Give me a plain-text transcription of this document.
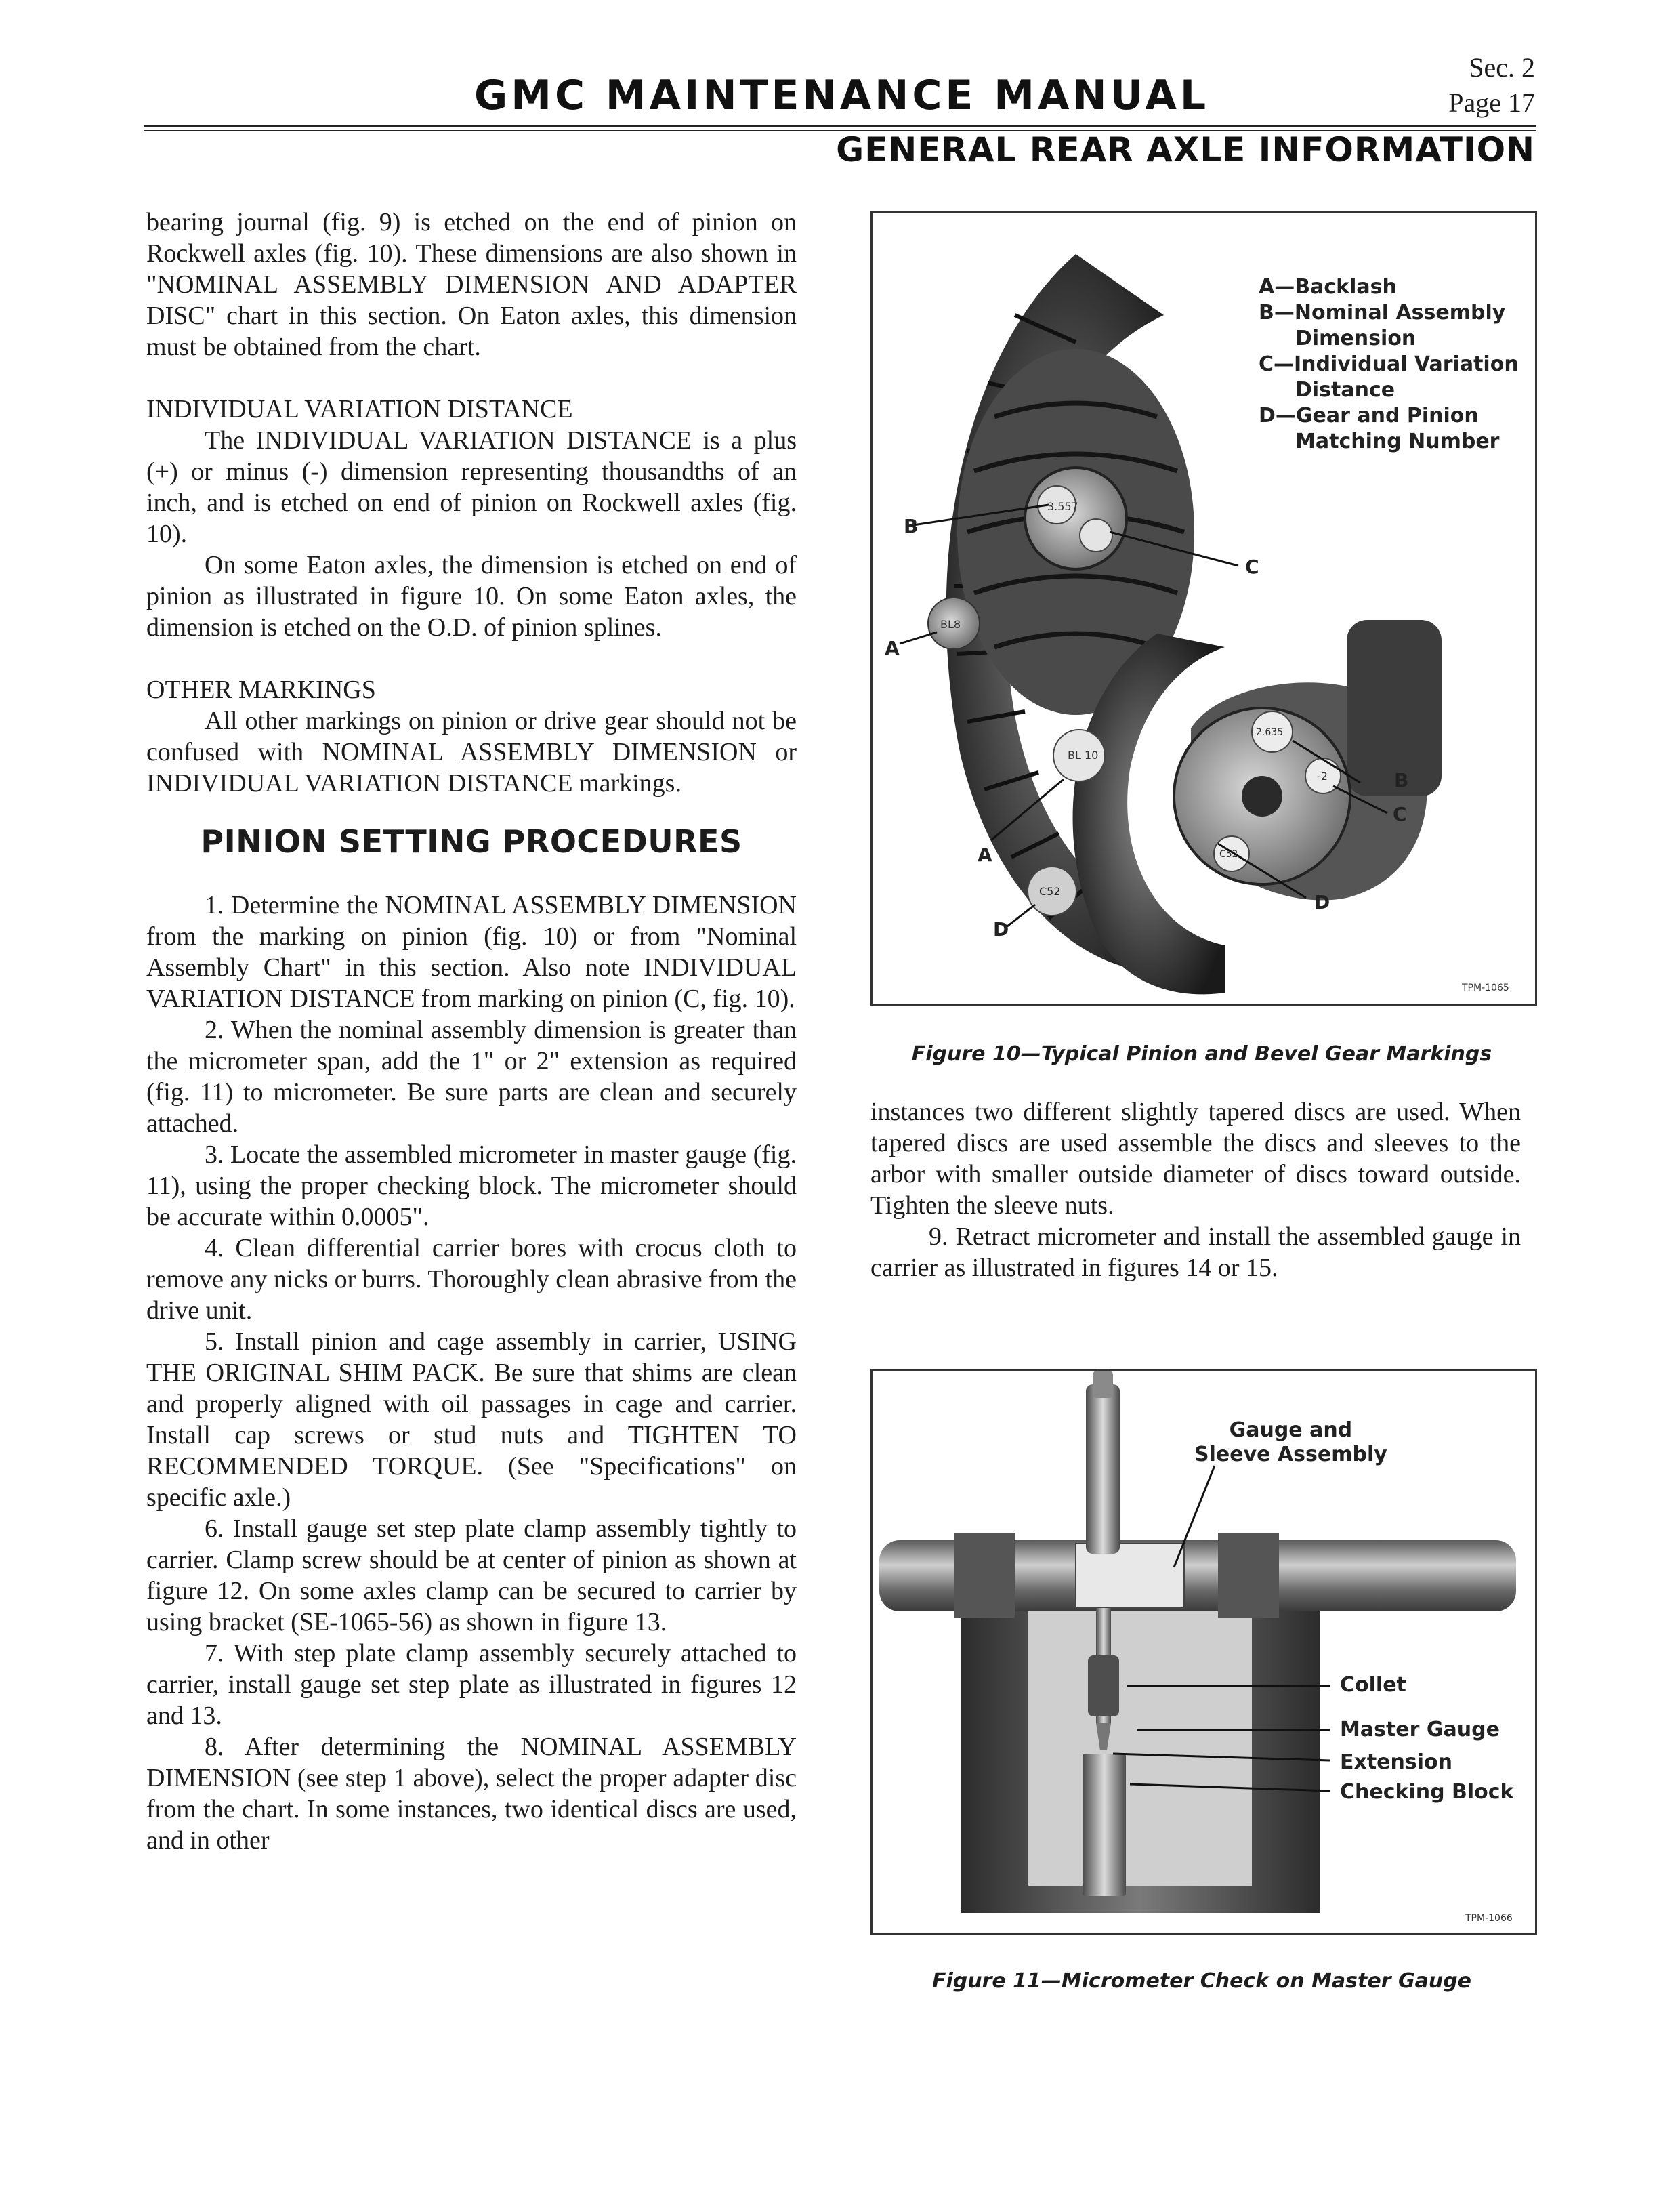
GMC MAINTENANCE MANUAL
Sec. 2
Page 17
GENERAL REAR AXLE INFORMATION

bearing journal (fig. 9) is etched on the end of pinion on Rockwell axles (fig. 10). These dimensions are also shown in "NOMINAL ASSEMBLY DIMENSION AND ADAPTER DISC" chart in this section. On Eaton axles, this dimension must be obtained from the chart.

INDIVIDUAL VARIATION DISTANCE

The INDIVIDUAL VARIATION DISTANCE is a plus (+) or minus (-) dimension representing thousandths of an inch, and is etched on end of pinion on Rockwell axles (fig. 10).

On some Eaton axles, the dimension is etched on end of pinion as illustrated in figure 10. On some Eaton axles, the dimension is etched on the O.D. of pinion splines.

OTHER MARKINGS

All other markings on pinion or drive gear should not be confused with NOMINAL ASSEMBLY DIMENSION or INDIVIDUAL VARIATION DISTANCE markings.

PINION SETTING PROCEDURES

1. Determine the NOMINAL ASSEMBLY DIMENSION from the marking on pinion (fig. 10) or from "Nominal Assembly Chart" in this section. Also note INDIVIDUAL VARIATION DISTANCE from marking on pinion (C, fig. 10).

2. When the nominal assembly dimension is greater than the micrometer span, add the 1" or 2" extension as required (fig. 11) to micrometer. Be sure parts are clean and securely attached.

3. Locate the assembled micrometer in master gauge (fig. 11), using the proper checking block. The micrometer should be accurate within 0.0005".

4. Clean differential carrier bores with crocus cloth to remove any nicks or burrs. Thoroughly clean abrasive from the drive unit.

5. Install pinion and cage assembly in carrier, USING THE ORIGINAL SHIM PACK. Be sure that shims are clean and properly aligned with oil passages in cage and carrier. Install cap screws or stud nuts and TIGHTEN TO RECOMMENDED TORQUE. (See "Specifications" on specific axle.)

6. Install gauge set step plate clamp assembly tightly to carrier. Clamp screw should be at center of pinion as shown at figure 12. On some axles clamp can be secured to carrier by using bracket (SE-1065-56) as shown in figure 13.

7. With step plate clamp assembly securely attached to carrier, install gauge set step plate as illustrated in figures 12 and 13.

8. After determining the NOMINAL ASSEMBLY DIMENSION (see step 1 above), select the proper adapter disc from the chart. In some instances, two identical discs are used, and in other

3.557
BL8
2.635
-2
C52
BL 10
C52
A—Backlash
B—Nominal Assembly
Dimension
C—Individual Variation
Distance
D—Gear and Pinion
Matching Number
B
C
A
A
B
C
D
D
TPM-1065
Figure 10—Typical Pinion and Bevel Gear Markings

instances two different slightly tapered discs are used. When tapered discs are used assemble the discs and sleeves to the arbor with smaller outside diameter of discs toward outside. Tighten the sleeve nuts.

9. Retract micrometer and install the assembled gauge in carrier as illustrated in figures 14 or 15.

Gauge and
Sleeve Assembly
Collet
Master Gauge
Extension
Checking Block
TPM-1066
Figure 11—Micrometer Check on Master Gauge
